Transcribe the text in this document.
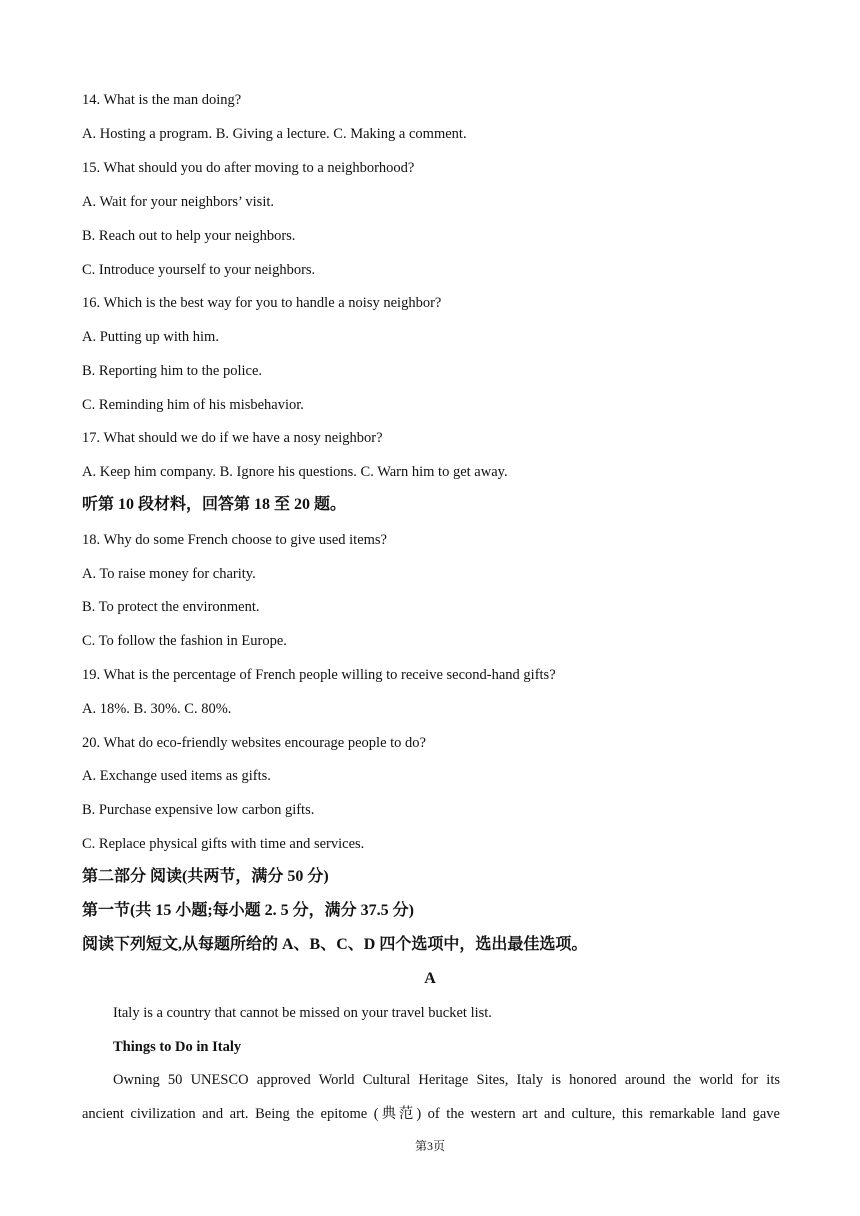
14. What is the man doing?
A. Hosting a program. B. Giving a lecture. C. Making a comment.
15. What should you do after moving to a neighborhood?
A. Wait for your neighbors’ visit.
B. Reach out to help your neighbors.
C. Introduce yourself to your neighbors.
16. Which is the best way for you to handle a noisy neighbor?
A. Putting up with him.
B. Reporting him to the police.
C. Reminding him of his misbehavior.
17. What should we do if we have a nosy neighbor?
A. Keep him company. B. Ignore his questions. C. Warn him to get away.
听第 10 段材料，回答第 18 至 20 题。
18. Why do some French choose to give used items?
A. To raise money for charity.
B. To protect the environment.
C. To follow the fashion in Europe.
19. What is the percentage of French people willing to receive second-hand gifts?
A. 18%. B. 30%. C. 80%.
20. What do eco-friendly websites encourage people to do?
A. Exchange used items as gifts.
B. Purchase expensive low carbon gifts.
C. Replace physical gifts with time and services.
第二部分 阅读(共两节，满分 50 分)
第一节(共 15 小题;每小题 2. 5 分，满分 37.5 分)
阅读下列短文,从每题所给的 A、B、C、D 四个选项中，选出最佳选项。
A
Italy is a country that cannot be missed on your travel bucket list.
Things to Do in Italy
Owning 50 UNESCO approved World Cultural Heritage Sites, Italy is honored around the world for its
ancient civilization and art. Being the epitome (典范) of the western art and culture, this remarkable land gave
第3页
